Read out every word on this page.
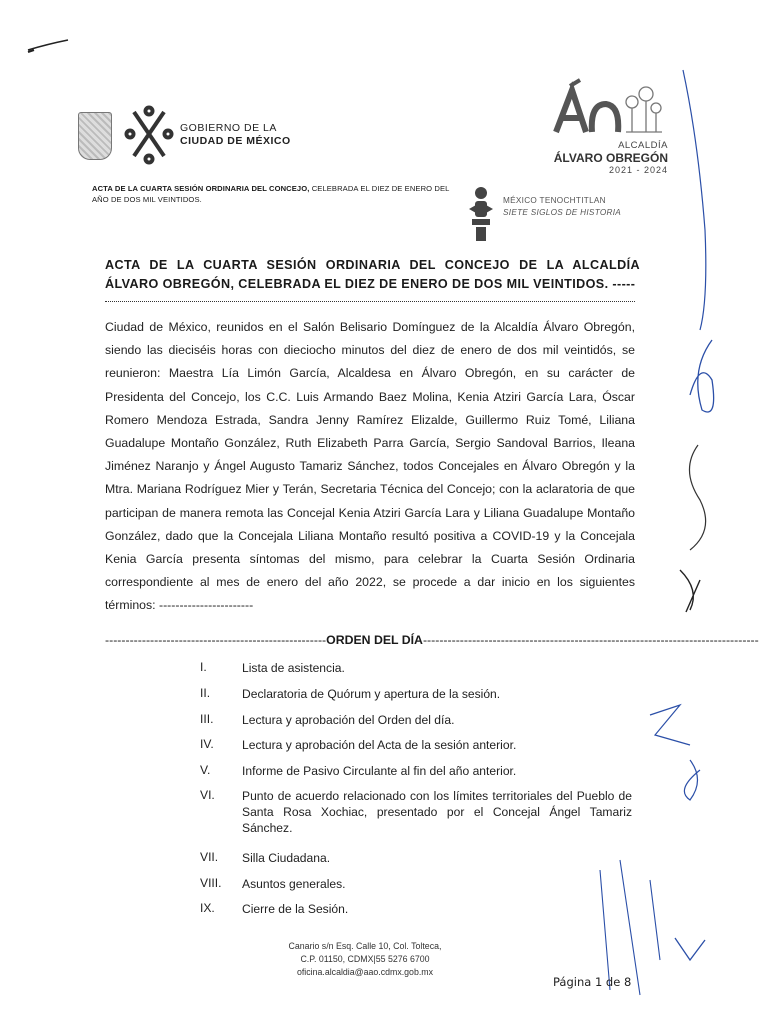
GOBIERNO DE LA
CIUDAD DE MÉXICO
ACTA DE LA CUARTA SESIÓN ORDINARIA DEL CONCEJO, CELEBRADA EL DIEZ DE ENERO DEL AÑO DE DOS MIL VEINTIDOS.
ALCALDÍA
ÁLVARO OBREGÓN
2021 - 2024
MÉXICO TENOCHTITLAN
SIETE SIGLOS DE HISTORIA
ACTA DE LA CUARTA SESIÓN ORDINARIA DEL CONCEJO DE LA ALCALDÍA ÁLVARO OBREGÓN, CELEBRADA EL DIEZ DE ENERO DE DOS MIL VEINTIDOS. -----
Ciudad de México, reunidos en el Salón Belisario Domínguez de la Alcaldía Álvaro Obregón, siendo las dieciséis horas con dieciocho minutos del diez de enero de dos mil veintidós, se reunieron: Maestra Lía Limón García, Alcaldesa en Álvaro Obregón, en su carácter de Presidenta del Concejo, los C.C. Luis Armando Baez Molina, Kenia Atziri García Lara, Óscar Romero Mendoza Estrada, Sandra Jenny Ramírez Elizalde, Guillermo Ruiz Tomé, Liliana Guadalupe Montaño González, Ruth Elizabeth Parra García, Sergio Sandoval Barrios, Ileana Jiménez Naranjo y Ángel Augusto Tamariz Sánchez, todos Concejales en Álvaro Obregón y la Mtra. Mariana Rodríguez Mier y Terán, Secretaria Técnica del Concejo; con la aclaratoria de que participan de manera remota las Concejal Kenia Atziri García Lara y Liliana Guadalupe Montaño González, dado que la Concejala Liliana Montaño resultó positiva a COVID-19 y la Concejala Kenia García presenta síntomas del mismo, para celebrar la Cuarta Sesión Ordinaria correspondiente al mes de enero del año 2022, se procede a dar inicio en los siguientes términos: -----------------------
------------------------------------------------------ORDEN DEL DÍA----------------------------------------------------------------------------------
I.	Lista de asistencia.
II.	Declaratoria de Quórum y apertura de la sesión.
III.	Lectura y aprobación del Orden del día.
IV.	Lectura y aprobación del Acta de la sesión anterior.
V.	Informe de Pasivo Circulante al fin del año anterior.
VI.	Punto de acuerdo relacionado con los límites territoriales del Pueblo de Santa Rosa Xochiac, presentado por el Concejal Ángel Tamariz Sánchez.
VII.	Silla Ciudadana.
VIII.	Asuntos generales.
IX.	Cierre de la Sesión.
Canario s/n Esq. Calle 10, Col. Tolteca,
C.P. 01150, CDMX|55 5276 6700
oficina.alcaldia@aao.cdmx.gob.mx
Página 1 de 8
